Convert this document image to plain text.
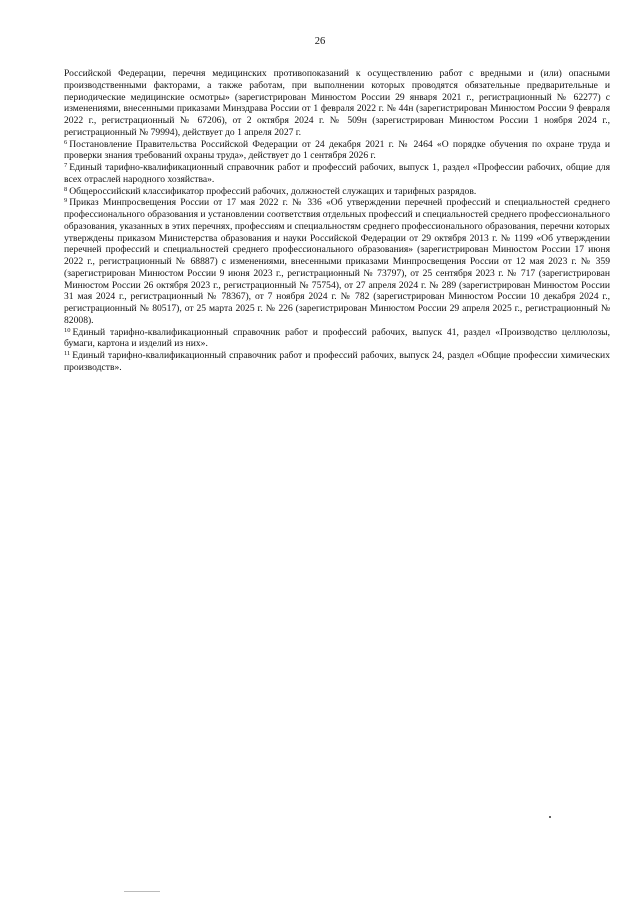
26

Российской Федерации, перечня медицинских противопоказаний к осуществлению работ с вредными и (или) опасными производственными факторами, а также работам, при выполнении которых проводятся обязательные предварительные и периодические медицинские осмотры» (зарегистрирован Минюстом России 29 января 2021 г., регистрационный № 62277) с изменениями, внесенными приказами Минздрава России от 1 февраля 2022 г. № 44н (зарегистрирован Минюстом России 9 февраля 2022 г., регистрационный № 67206), от 2 октября 2024 г. № 509н (зарегистрирован Минюстом России 1 ноября 2024 г., регистрационный № 79994), действует до 1 апреля 2027 г.

$^6$ Постановление Правительства Российской Федерации от 24 декабря 2021 г. № 2464 «О порядке обучения по охране труда и проверки знания требований охраны труда», действует до 1 сентября 2026 г.

$^7$ Единый тарифно-квалификационный справочник работ и профессий рабочих, выпуск 1, раздел «Профессии рабочих, общие для всех отраслей народного хозяйства».

$^8$ Общероссийский классификатор профессий рабочих, должностей служащих и тарифных разрядов.

$^9$ Приказ Минпросвещения России от 17 мая 2022 г. № 336 «Об утверждении перечней профессий и специальностей среднего профессионального образования и установлении соответствия отдельных профессий и специальностей среднего профессионального образования, указанных в этих перечнях, профессиям и специальностям среднего профессионального образования, перечни которых утверждены приказом Министерства образования и науки Российской Федерации от 29 октября 2013 г. № 1199 «Об утверждении перечней профессий и специальностей среднего профессионального образования» (зарегистрирован Минюстом России 17 июня 2022 г., регистрационный № 68887) с изменениями, внесенными приказами Минпросвещения России от 12 мая 2023 г. № 359 (зарегистрирован Минюстом России 9 июня 2023 г., регистрационный № 73797), от 25 сентября 2023 г. № 717 (зарегистрирован Минюстом России 26 октября 2023 г., регистрационный № 75754), от 27 апреля 2024 г. № 289 (зарегистрирован Минюстом России 31 мая 2024 г., регистрационный № 78367), от 7 ноября 2024 г. № 782 (зарегистрирован Минюстом России 10 декабря 2024 г., регистрационный № 80517), от 25 марта 2025 г. № 226 (зарегистрирован Минюстом России 29 апреля 2025 г., регистрационный № 82008).

$^{10}$ Единый тарифно-квалификационный справочник работ и профессий рабочих, выпуск 41, раздел «Производство целлюлозы, бумаги, картона и изделий из них».

$^{11}$ Единый тарифно-квалификационный справочник работ и профессий рабочих, выпуск 24, раздел «Общие профессии химических производств».
